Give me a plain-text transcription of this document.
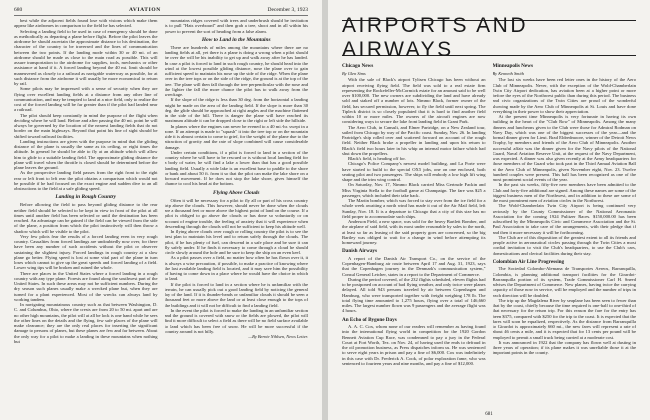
680	AVIATION	December 3, 1923

best while the adjacent fields found lose with visions which make them appear like airdromes in comparison to the field he has selected.

Selecting a landing field to be used in case of emergency should be done as methodically as departing a plane before flight. Before the pilot leaves the airdrome he should ascertain the approximate distance to his destination, the character of the country to be traversed and the lines of communication between the two points. If the landing mode within 30 or 40 mi. of an airdrome should be made as close to the main road as possible. This will assure transportation to the airdrome for supplies, tools, mechanics or other assistance at hand if it. A forced landing beyond the 40 mi. limit should be maneuvered as closely to a railroad as navigable waterway as possible, for at such distance from the airdrome it will usually be more economical to return by rail.

Some pilots may be impressed with a sense of security when they are flying over excellent landing fields at a distance from any other line of communication, and may be tempted to land at a nice field, only to realize the cost of the forced landing will be far greater than if the pilot had landed near a railroad.

The pilot should keep constantly in mind the purpose of the flight when deciding where he will land. Before and after passing the 40 mi. point he will always be governed by the location of the nearest landing fields that do not border on the main highways. Beyond that point his line of sight should be shifted toward railroad facilities.

Landing instructions are given with the purpose in mind that the gliding distance of the plane is usually the same as its ceiling, or eight times the altitude. In general he should be able to fly at an altitude which will allow him to glide to a suitable landing field. The approximate gliding distance the plane will travel when the throttle is closed should be determined before the plane leaves the ground.

As the prospective landing field passes from the right front to the right rear or left front to left rear the pilot obtains a comparison which would not be possible if he had focused on the exact engine and sudden dive to an all obstructions to the field at a safe gliding speed.

Landing in Rough Country

Before allowing the field to pass beyond gliding distance to the rear neither field should be selected to be kept in view in front of the pilot at all times until another field has been selected or until the destination has been reached. An advantage can be gained if the field can be viewed from the side of the plane, a position from which the pilot instinctively will then throw a shadow which will be visible to the pilot.

Very few pilots fear the results of a forced landing even in very rough country. Casualties from forced landings are undoubtedly now over, for there have been any number of such accidents without the pilot or observer sustaining the slightest injury. Forced landings in rough country at a slow plane go better. Flying speed is lost at some vital part of the plane in turn loses which cannot to give up the great speeds and forced landing of a field. Lower wing tips will be broken and ruined the whole.

There are places in the United States where a forced landing in a rough country with any type plane. Forests are found along the southwest part of the United States. In such these areas may not be sufficient numbers. During the dry season such planes usually make a wrecked plane but, when they are turned for a plant experienced. Most of the wrecks can always land by working tandem.

In navigating mountainous country such as that between Washington, D. C. and Columbus, Ohio, where the crests are from 20 to 50 mi. apart and are no other high mountains, the pilot will at all be lock is one hand while he sees the other lines on the details and the flying, few safe places of the plane will make clearance; they are the only real places for inserting the significant damage to persons of planes, but these planes are few and far between. About the only way for a pilot to make a landing in these mountains when nothing but

mountains ridges covered with trees and underbrush should be invitation is to pull "Hats overboard" and then grab a tree, shoot and in all within his power to prevent the sort of heading from a false alarm.

How to Land in the Mountains

There are hundreds of miles among the mountains where there are no landing fields at all, yet there is a plane is doing a wrong when a pilot should be over the will be his inability to get up and walk away after he has landed. In case a pilot is forced to land in such rough country, he should head into the wind at the lowest possible gliding distance, nose the plane over to gain sufficient speed to maintain his nose up the side of the ridge. When the plane over in the tree tops or on the side of the ridge, the ground is at the top of the tree. The plane will then fall through the tree perpendicular with the nose and the lighter the fall the more chance the pilot has to walk away from the wreckage.

If the slope of the ridge is less than 30 deg. from the horizontal a landing might be made on the area of the landing field. If the slope is more than 30 deg. the glide should be approached at right angles and the machine flattened in the side of the hill. There is danger the plane will have reached its maximum altitude it can be dropped close to the right or left side the hillside.

In planes where the engines can never be evened to a 40 mi.-hr. swept in a zone. If an attempt is made to "squash" it into the tree top or on the mountain side it is almost certain to come to grief, for the weight of the plane due to the attraction of gravity and the rate of slope combined will cause considerable damage.

Under certain conditions, if a pilot is forced to land in a section of the country where he will have to be rescued or is without local landing field for a body of water, he will find a lake a lower than that has a good possible landing field. Usually a wide lake is an excellent base to paddle to the shore or bank and about 50 ft. from it so that the pilot can make the lake shore on a forward movement. If he does not stop the lake shore, gives himself the chance to cool his head at the bottom.

Flying Above Clouds

Often it will be necessary for a pilot to fly all or part of his cross country trip above the clouds. This however, should never be done when the clouds are a thousand feet or more above the highest point of land on the course. If a pilot is obliged to go above the clouds or has done so voluntarily or on account of engine trouble, the feeling of anxiety that it will experience when descending through the clouds will not be sufficient to keep his altitude well.

In flying above clouds over rough or rolling country the pilot is to see the best plan to maintain his level and to return safely through the clouds. The pilot, if he has plenty of fuel, can descend in a safe place and be sure it can fly safely under. If he finds it necessary to come through a cloud he should circle slowly around the hole and be sure to keep the ship on an even keel.

As a pilot passes over a field, no matter how often he has flown over it, it is always a wise precaution, if possible, to make a practice of knowing where the last available landing field is located, and it may save him the possibility of having to come down in a place where he would have the choice in which to land.

If the pilot is forced to land in a section where he is unfamiliar with the terrain, he can usually pick out a good landing field by noticing the general lay of the land. If it is thunder-heads or unfamiliar clouds it should be seen a thousand feet or more above the land or at least close enough to the tops of the buildings and it will not be difficult to find a landing field.

In the event the pilot is forced to make the landing in an unfamiliar section and the ground is covered with snow or the fields are plowed, the pilot will find it more difficult to select a field as there will be no field surface available to land which has been free of snow. He will be more successful if the country around is not hilly.

—By Bernie Nihlsen, News Letter.

AIRPORTS AND AIRWAYS
Chicago News
By Glen Sims

With the sale of Black's airport Tyltsen Chicago has been without an airport receiving flying field. The field was sold to a real estate firm representing the Rockefeller-McCormick estate for an amount said to be well over $100,000. The new owners are subdividing the land and have already sold and staked off a number of lots. Nimmo Black, former owner of the field, has secured permission, however, to fly the field until next spring. The Tipleck district is so closely populated that it is hard to find another field within 10 or more miles. The owners of the aircraft engines are now considering ways to secure the lake front landing field in Grant Park.

The Aero Club, in Cansult, and Elmer Partridge, on a New Zealand tour, sailed from Chicago by way of the Pacific coast. Sunday, Nov. 26. In landing Partridge's ship rolled over and scattered forward on account of the rough field. Neither Black broke a propeller in landing and upon his return to Black's field two hours later in his whip an internal motor failure which had shut down the propellers.

Black's field, is heading off for.

Chicago's Police Company's newest model building, and La Porte were have started to build to the special OX5 jobs, one on one enclosed, both seating pilot and two passengers. The ships will embody a low high lift wing shape and the trim wing control.

On Saturday, Nov. 17, Nimmo Black carried Miss Gertrude Fackin and Miss Virginia Stella to the football game at Champaign. The fare was $25 a passenger, which included their take back.

The Martin bomber, which was forced to stay over from the ice field for a whole week awaiting a north wind has made it out of the Air Mail field, left Sunday, Nov. 18. It is a departure to Chicago that a city of this size has no field proper to accommodate such ships.

Anderson Field, a new space, was sold for the heavy Bartlett Bomber, and the airplane of said field, with its most under reasonable by sales to the north, at least so far as leasing of the said property goes are concerned, so the big Bartley was obliged to wait for a change in wind before attempting its homeward journey.

Danish Airways

A report of the Danish Air Transport Co., on the service of the Copenhagen-Hamburg air route between April 17 and Aug. 31, 1923, says that the Copenhagen journey in the Denmark's communication system," Consul General Letcher, states in a report to the Department of Commerce.

During the period covered, of the 232 flights scheduled, eleven flights had to be postponed on account of bad flying weather, and only twice were planes delayed. All told 943 persons traveled by air between Copenhagen and Hamburg, who were transported together with freight weighing 178 lb. The total flying time amounted to 1,275 hours, flying over a total of 146,660 miles. The largest number flown was 9 passengers and the average flight was 4 hours.

An Echo of Bygone Days

A. A. C. Cox, whom none of our readers will remember as having found into the international flying world in competition for the 1920 Gordon Bennett Aviation Cup Race, was condemned to pay a jury in the Federal Court at Fort Worth, Tex. on Nov. 24, of having used the ends to defraud in the oil promotion business, as Press dispatches inform us. He was sentenced to serve eight years in prison and pay a fine of $6,000. Cox was indefinitely in this case with Dr. Frederick A. Cook, of polar exploration fame, who was sentenced to fourteen years and nine months, and pay a fine of $12,000.

Minneapolis News
By Kenneth Smith

The last six weeks have been red letter ones in the history of the Aero Club of Minneapolis. Never, with the exception of the Wold-Chamberlain Twin City Airport dedication, has aviation been at a higher point or more before the eyes of the Northwest public than during this period. The business and civic organizations of the Twin Cities are proud of the wonderful showing made by the Aero Club of Minneapolis at St. Louis and have done everything in their power to show their appreciation.

At the present time Minneapolis is very fortunate in having its own building in the heart of the "Club Row" of Minneapolis. Among the many dinners and luncheons given to the Club were those for Admiral Rodman on Navy Day, which was one of the biggest successes of the year—and the formal dinner given for Lieut. Brad Eldredmoore, winner of the Detroit News Trophy, by members and friends of the Aero Club of Minneapolis. Another successful affair was the dinner given for the Navy pilots of the National Guard, Naval Aviation Reserve Unit, at the request of the Navy Department, was expected. A dinner was also given recently at the Army headquarters for those members of the Guard who took part in the Third Annual Aviation Ball at the Aero Club of Minneapolis, given November eight, Nov. 23. Twelve hundred couples were present. This ball has been recognized as one of the most prominent social events of the year.

In the past six weeks, fifty-five new members have been admitted to the Club and forty-five additional are signed. Among these names are some of the biggest business men of the Northwest, and in addition to these are some of the most prominent men of aviation circles in the Northwest.

The Wold-Chamberlain Twin City Airport is being continued very seriously by the County Commissioner of the National Aeronautic Association for the coming 1924 Pulitzer Races. $150,000.00 has been subscribed by the Minneapolis Civic and Commerce Association and the St. Paul Association to take care of the arrangements, with their pledge that if and then it more necessary it will be forthcoming.

The Club are of this disposition of the greatest extent to all its friends and people active in aeronautical circles passing through the Twin Cities a most cordial invitation to visit the Club's headquarters, to use the Club's cars, domestications and clerical facilities during their stay.

Colombian Air Line Progressing

The Sociedad Colombo-Alemana de Transportes Aereos, Barranquilla, Colombia, is planning additional transport facilities for the Girardot-Barranquilla portion of its system, Trade Commissioner Carl H. Sneed advises the Department of Commerce. New planes, having twice the carrying capacity of those now in service, will be employed and the number of trips in each direction will be doubled.

The trip up the Magdalena River by seaplane has been seen to fewer than that by the coast, chiefly because the time required is one-half to one-third of that necessary for the return trip. For this reason the fare for the entry has been $375, compared with $250 for the trip to the coast. It is expected that the fares will soon be equalized, respectively. As the distance from Barranquilla to Girardot is approximately 660 mi., the new fares will represent a rate of about 46 cents a mile, and it is expected that for 13 cents per pound will be employed to permit a small truck being carried at a moderate cost.

It was announced in 1922 that the company has flown well at dusting in three years of operation; if its plane makes it was unreliable those it at the important points in the county.

681
